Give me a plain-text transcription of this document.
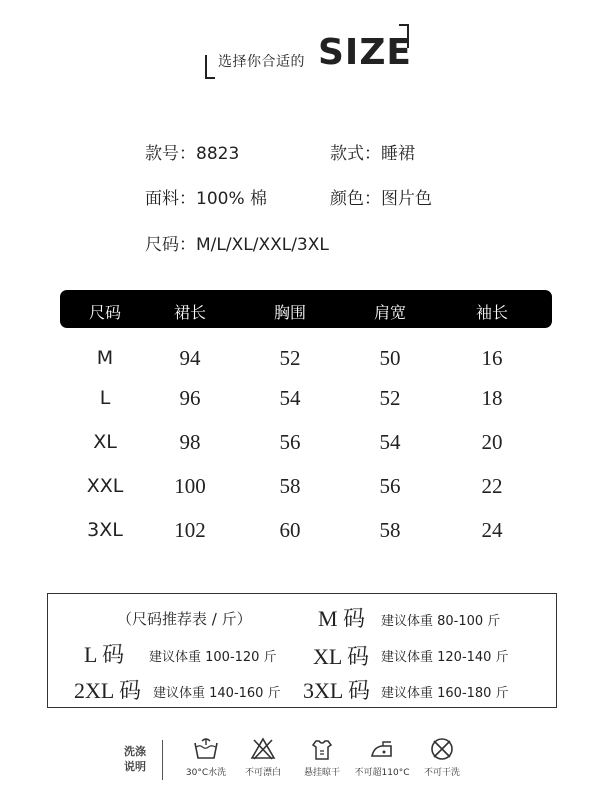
选择你合适的 SIZE
款号：8823	款式：睡裙
面料：100% 棉	颜色：图片色
尺码：M/L/XL/XXL/3XL
尺码	裙长	胸围	肩宽	袖长
M	94	52	50	16
L	96	54	52	18
XL	98	56	54	20
XXL 100	58	56	22
3XL 102	60	58	24
（尺码推荐表 / 斤）	M 码 建议体重 80-100 斤
L 码 建议体重 100-120 斤 XL 码 建议体重 120-140 斤
2XL 码 建议体重 140-160 斤 3XL 码 建议体重 160-180 斤
洗涤
说明	30°C水洗	不可漂白	悬挂晾干	不可超110°C	不可干洗
